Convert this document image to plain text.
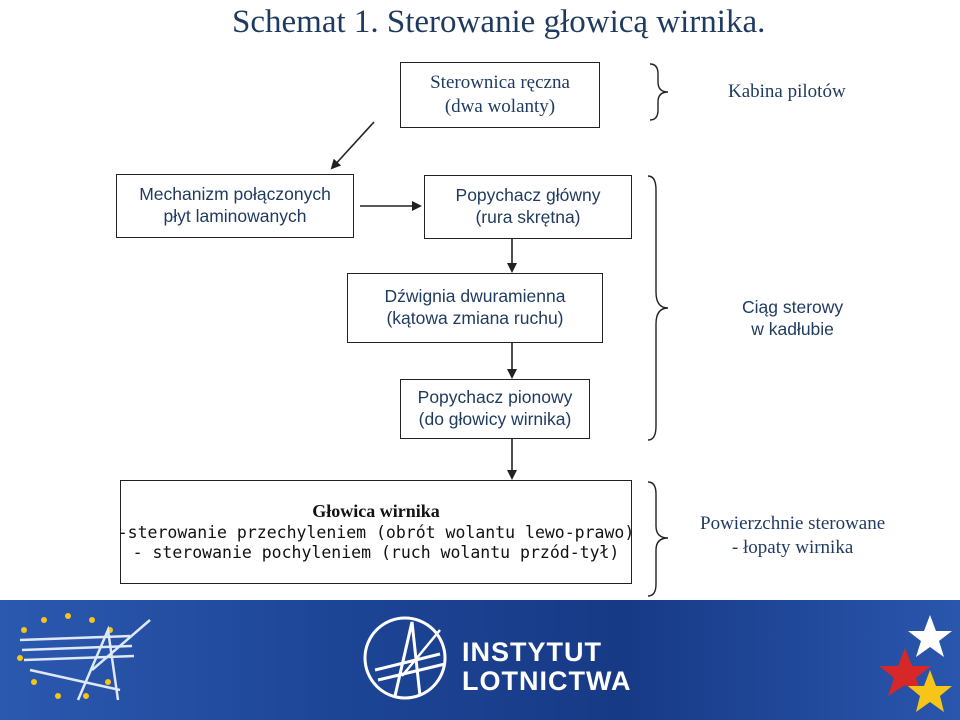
Schemat 1. Sterowanie głowicą wirnika.
Sterownica ręczna
(dwa wolanty)
Mechanizm połączonych
płyt laminowanych
Popychacz główny
(rura skrętna)
Dźwignia dwuramienna
(kątowa zmiana ruchu)
Popychacz pionowy
(do głowicy wirnika)
Głowica wirnika
-sterowanie przechyleniem (obrót wolantu lewo-prawo)
- sterowanie pochyleniem (ruch wolantu przód-tył)
Kabina pilotów
Ciąg sterowy
w kadłubie
Powierzchnie sterowane
- łopaty wirnika
INSTYTUT
LOTNICTWA
